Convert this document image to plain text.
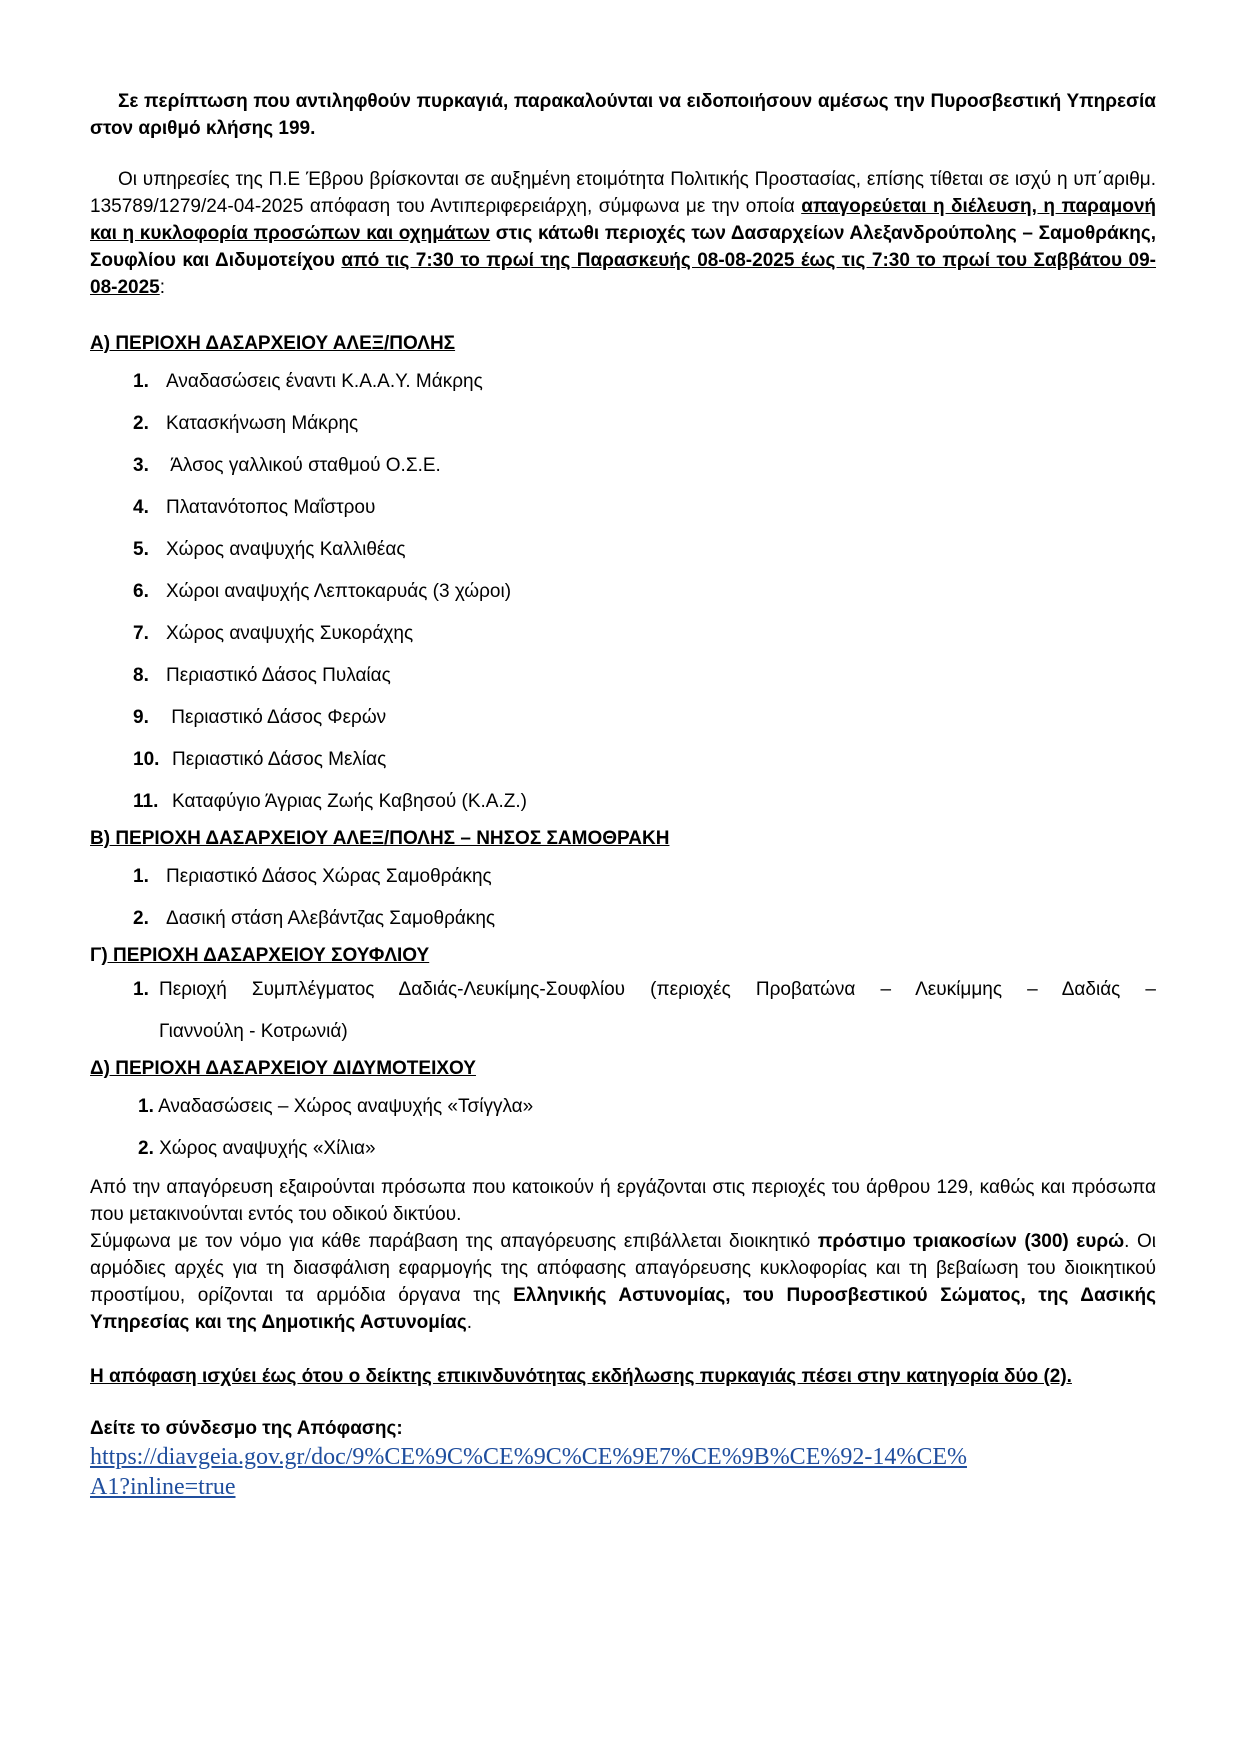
Σε περίπτωση που αντιληφθούν πυρκαγιά, παρακαλούνται να ειδοποιήσουν αμέσως την Πυροσβεστική Υπηρεσία στον αριθμό κλήσης 199.

Οι υπηρεσίες της Π.Ε Έβρου βρίσκονται σε αυξημένη ετοιμότητα Πολιτικής Προστασίας, επίσης τίθεται σε ισχύ η υπ΄αριθμ. 135789/1279/24-04-2025 απόφαση του Αντιπεριφερειάρχη, σύμφωνα με την οποία απαγορεύεται η διέλευση, η παραμονή και η κυκλοφορία προσώπων και οχημάτων στις κάτωθι περιοχές των Δασαρχείων Αλεξανδρούπολης – Σαμοθράκης, Σουφλίου και Διδυμοτείχου από τις 7:30 το πρωί της Παρασκευής 08-08-2025 έως τις 7:30 το πρωί του Σαββάτου 09-08-2025:

Α) ΠΕΡΙΟΧΗ ΔΑΣΑΡΧΕΙΟΥ ΑΛΕΞ/ΠΟΛΗΣ

1. Αναδασώσεις έναντι Κ.Α.Α.Υ. Μάκρης
2. Κατασκήνωση Μάκρης
3. Άλσος γαλλικού σταθμού Ο.Σ.Ε.
4. Πλατανότοπος Μαΐστρου
5. Χώρος αναψυχής Καλλιθέας
6. Χώροι αναψυχής Λεπτοκαρυάς (3 χώροι)
7. Χώρος αναψυχής Συκοράχης
8. Περιαστικό Δάσος Πυλαίας
9. Περιαστικό Δάσος Φερών
10. Περιαστικό Δάσος Μελίας
11. Καταφύγιο Άγριας Ζωής Καβησού (Κ.Α.Ζ.)

Β) ΠΕΡΙΟΧΗ ΔΑΣΑΡΧΕΙΟΥ ΑΛΕΞ/ΠΟΛΗΣ – ΝΗΣΟΣ ΣΑΜΟΘΡΑΚΗ

1. Περιαστικό Δάσος Χώρας Σαμοθράκης
2. Δασική στάση Αλεβάντζας Σαμοθράκης

Γ) ΠΕΡΙΟΧΗ ΔΑΣΑΡΧΕΙΟΥ ΣΟΥΦΛΙΟΥ

1. Περιοχή Συμπλέγματος Δαδιάς-Λευκίμης-Σουφλίου (περιοχές Προβατώνα – Λευκίμμης – Δαδιάς –
Γιαννούλη - Κοτρωνιά)

Δ) ΠΕΡΙΟΧΗ ΔΑΣΑΡΧΕΙΟΥ ΔΙΔΥΜΟΤΕΙΧΟΥ

1. Αναδασώσεις – Χώρος αναψυχής «Τσίγγλα»
2. Χώρος αναψυχής «Χίλια»

Από την απαγόρευση εξαιρούνται πρόσωπα που κατοικούν ή εργάζονται στις περιοχές του άρθρου 129, καθώς και πρόσωπα που μετακινούνται εντός του οδικού δικτύου.

Σύμφωνα με τον νόμο για κάθε παράβαση της απαγόρευσης επιβάλλεται διοικητικό πρόστιμο τριακοσίων (300) ευρώ. Οι αρμόδιες αρχές για τη διασφάλιση εφαρμογής της απόφασης απαγόρευσης κυκλοφορίας και τη βεβαίωση του διοικητικού προστίμου, ορίζονται τα αρμόδια όργανα της Ελληνικής Αστυνομίας, του Πυροσβεστικού Σώματος, της Δασικής Υπηρεσίας και της Δημοτικής Αστυνομίας.

Η απόφαση ισχύει έως ότου ο δείκτης επικινδυνότητας εκδήλωσης πυρκαγιάς πέσει στην κατηγορία δύο (2).

Δείτε το σύνδεσμο της Απόφασης:

https://diavgeia.gov.gr/doc/9%CE%9C%CE%9C%CE%9E7%CE%9B%CE%92-14%CE%A1?inline=true
